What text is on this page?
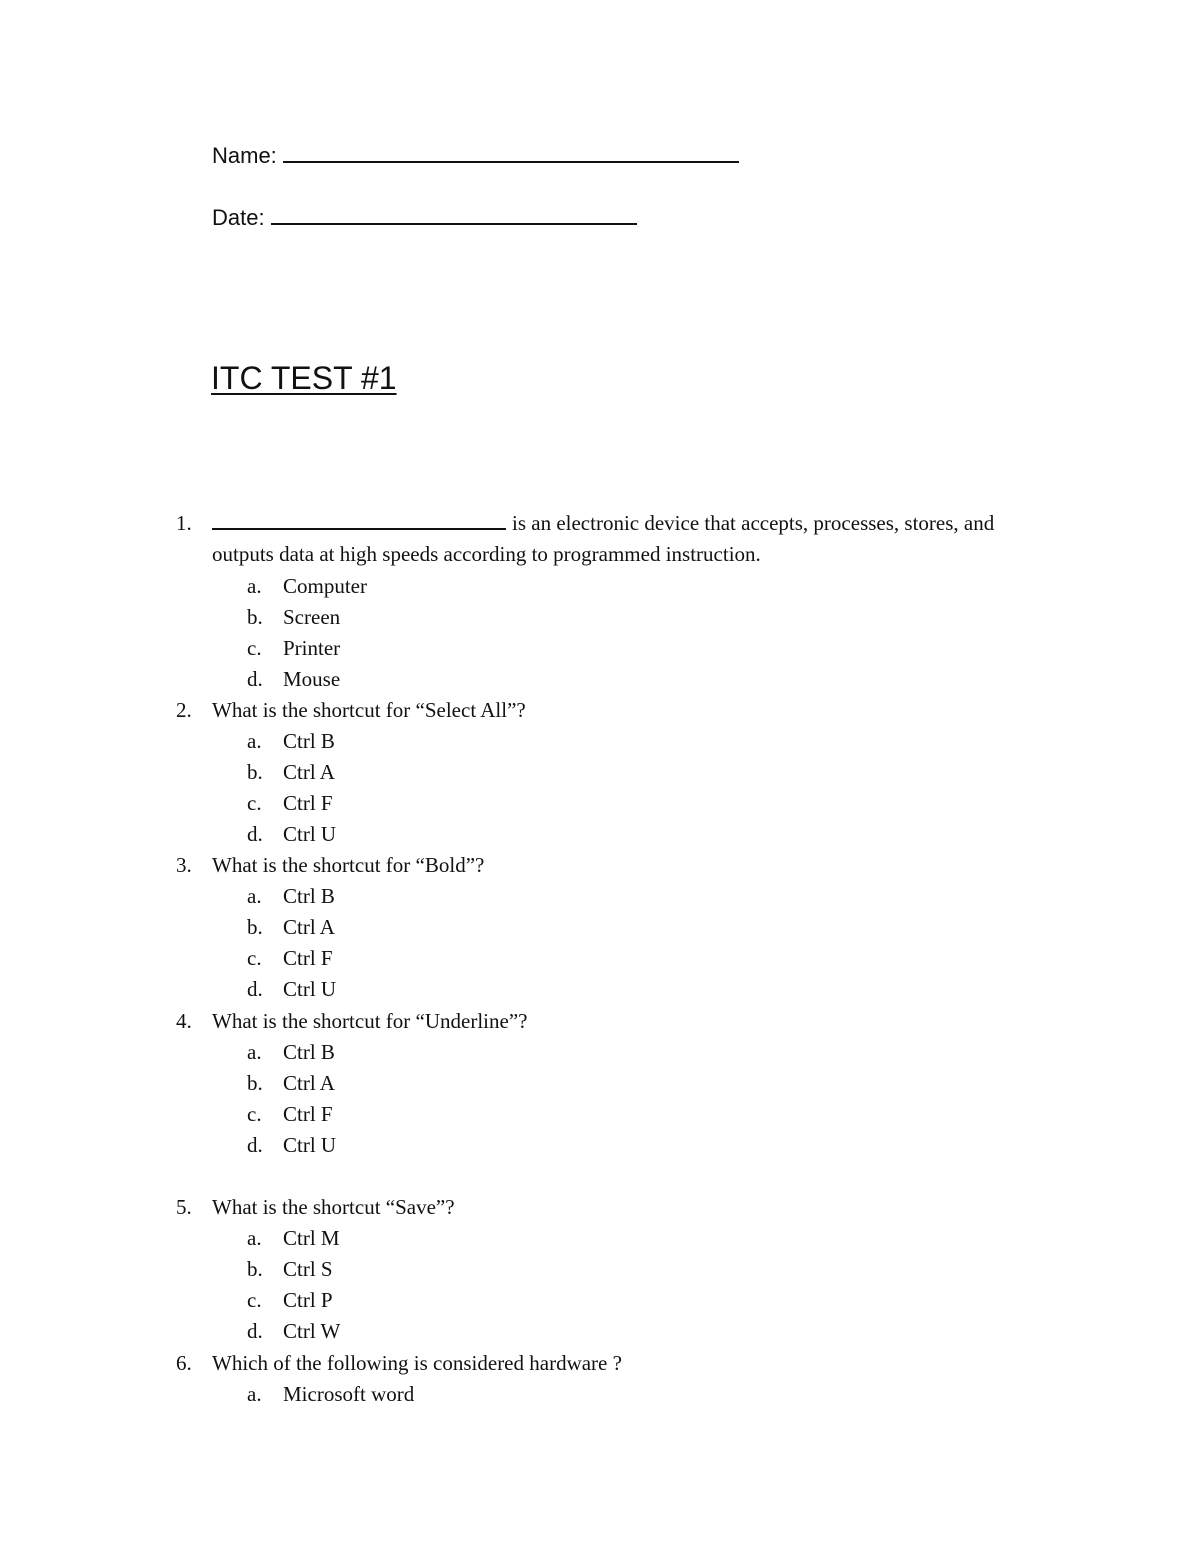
Name:
Date:
ITC TEST #1
1.	is an electronic device that accepts, processes, stores, and
outputs data at high speeds according to programmed instruction.
a. Computer
b. Screen
c. Printer
d. Mouse
2. What is the shortcut for “Select All”?
a. Ctrl B
b. Ctrl A
c. Ctrl F
d. Ctrl U
3. What is the shortcut for “Bold”?
a. Ctrl B
b. Ctrl A
c. Ctrl F
d. Ctrl U
4. What is the shortcut for “Underline”?
a. Ctrl B
b. Ctrl A
c. Ctrl F
d. Ctrl U
5. What is the shortcut “Save”?
a. Ctrl M
b. Ctrl S
c. Ctrl P
d. Ctrl W
6. Which of the following is considered hardware ?
a. Microsoft word
